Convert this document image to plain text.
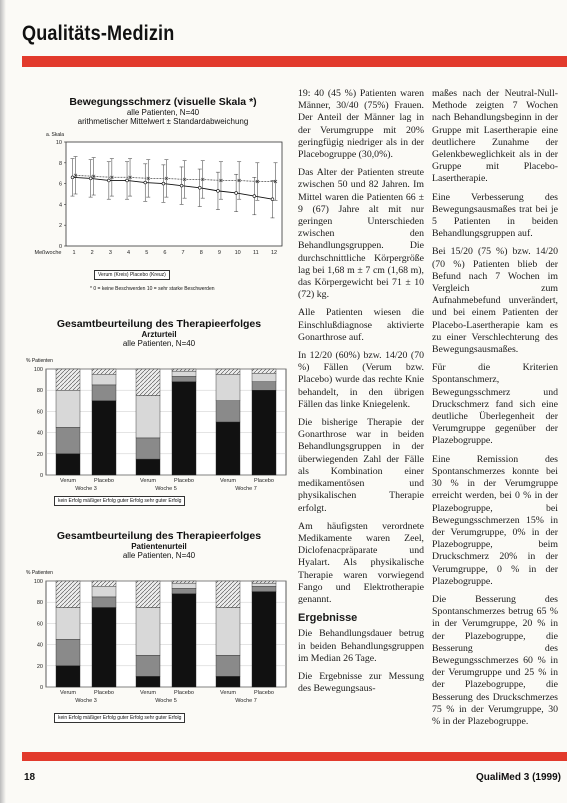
Qualitäts-Medizin
Bewegungsschmerz (visuelle Skala *)
alle Patienten, N=40
arithmetischer Mittelwert ± Standardabweichung
a. Skala
0
2
4
6
8
10
1	2	3	4	5	6	7	8	9 10 11 12
Meßwoche
Verum (Kreis) Placebo (Kreuz)
* 0 = keine Beschwerden 10 = sehr starke Beschwerden
Gesamtbeurteilung des Therapieerfolges
Arzturteil
alle Patienten, N=40
% Patienten
0
20
40
60
80
100
Verum	Placebo	Verum	Placebo	Verum	Placebo
Woche 3	Woche 5	Woche 7
kein Erfolg mäßiger Erfolg guter Erfolg sehr guter Erfolg
Gesamtbeurteilung des Therapieerfolges
Patientenurteil
alle Patienten, N=40
% Patienten
0
20
40
60
80
100
Verum	Placebo	Verum	Placebo	Verum	Placebo
Woche 3	Woche 5	Woche 7
kein Erfolg mäßiger Erfolg guter Erfolg sehr guter Erfolg

19: 40 (45 %) Patienten waren Männer, 30/40 (75%) Frauen. Der Anteil der Männer lag in der Verumgruppe mit 20% geringfügig niedriger als in der Placebogruppe (30,0%).

Das Alter der Patienten streute zwischen 50 und 82 Jahren. Im Mittel waren die Patienten 66 ± 9 (67) Jahre alt mit nur geringen Unterschieden zwischen den Behandlungsgruppen. Die durchschnittliche Körpergröße lag bei 1,68 m ± 7 cm (1,68 m), das Körpergewicht bei 71 ± 10 (72) kg.

Alle Patienten wiesen die Einschlußdiagnose aktivierte Gonarthrose auf.

In 12/20 (60%) bzw. 14/20 (70 %) Fällen (Verum bzw. Placebo) wurde das rechte Knie behandelt, in den übrigen Fällen das linke Kniegelenk.

Die bisherige Therapie der Gonarthrose war in beiden Behandlungsgruppen in der überwiegenden Zahl der Fälle als Kombination einer medikamentösen und physikalischen Therapie erfolgt.

Am häufigsten verordnete Medikamente waren Zeel, Diclofenacpräparate und Hyalart. Als physikalische Therapie waren vorwiegend Fango und Elektrotherapie genannt.

Ergebnisse

Die Behandlungsdauer betrug in beiden Behandlungsgruppen im Median 26 Tage.

Die Ergebnisse zur Messung des Bewegungsaus-

maßes nach der Neutral-Null-Methode zeigten 7 Wochen nach Behandlungsbeginn in der Gruppe mit Lasertherapie eine deutlichere Zunahme der Gelenkbeweglichkeit als in der Gruppe mit Placebo-Lasertherapie.

Eine Verbesserung des Bewegungsausmaßes trat bei je 5 Patienten in beiden Behandlungsgruppen auf.

Bei 15/20 (75 %) bzw. 14/20 (70 %) Patienten blieb der Befund nach 7 Wochen im Vergleich zum Aufnahmebefund unverändert, und bei einem Patienten der Placebo-Lasertherapie kam es zu einer Verschlechterung des Bewegungsausmaßes.

Für die Kriterien Spontanschmerz, Bewegungsschmerz und Druckschmerz fand sich eine deutliche Überlegenheit der Verumgruppe gegenüber der Plazebogruppe.

Eine Remission des Spontanschmerzes konnte bei 30 % in der Verumgruppe erreicht werden, bei 0 % in der Plazebogruppe, bei Bewegungsschmerzen 15% in der Verumgruppe, 0% in der Plazebogruppe, beim Druckschmerz 20% in der Verumgruppe, 0 % in der Plazebogruppe.

Die Besserung des Spontanschmerzes betrug 65 % in der Verumgruppe, 20 % in der Plazebogruppe, die Besserung des Bewegungsschmerzes 60 % in der Verumgruppe und 25 % in der Plazebogruppe, die Besserung des Druckschmerzes 75 % in der Verumgruppe, 30 % in der Plazebogruppe.

18	QualiMed 3 (1999)
